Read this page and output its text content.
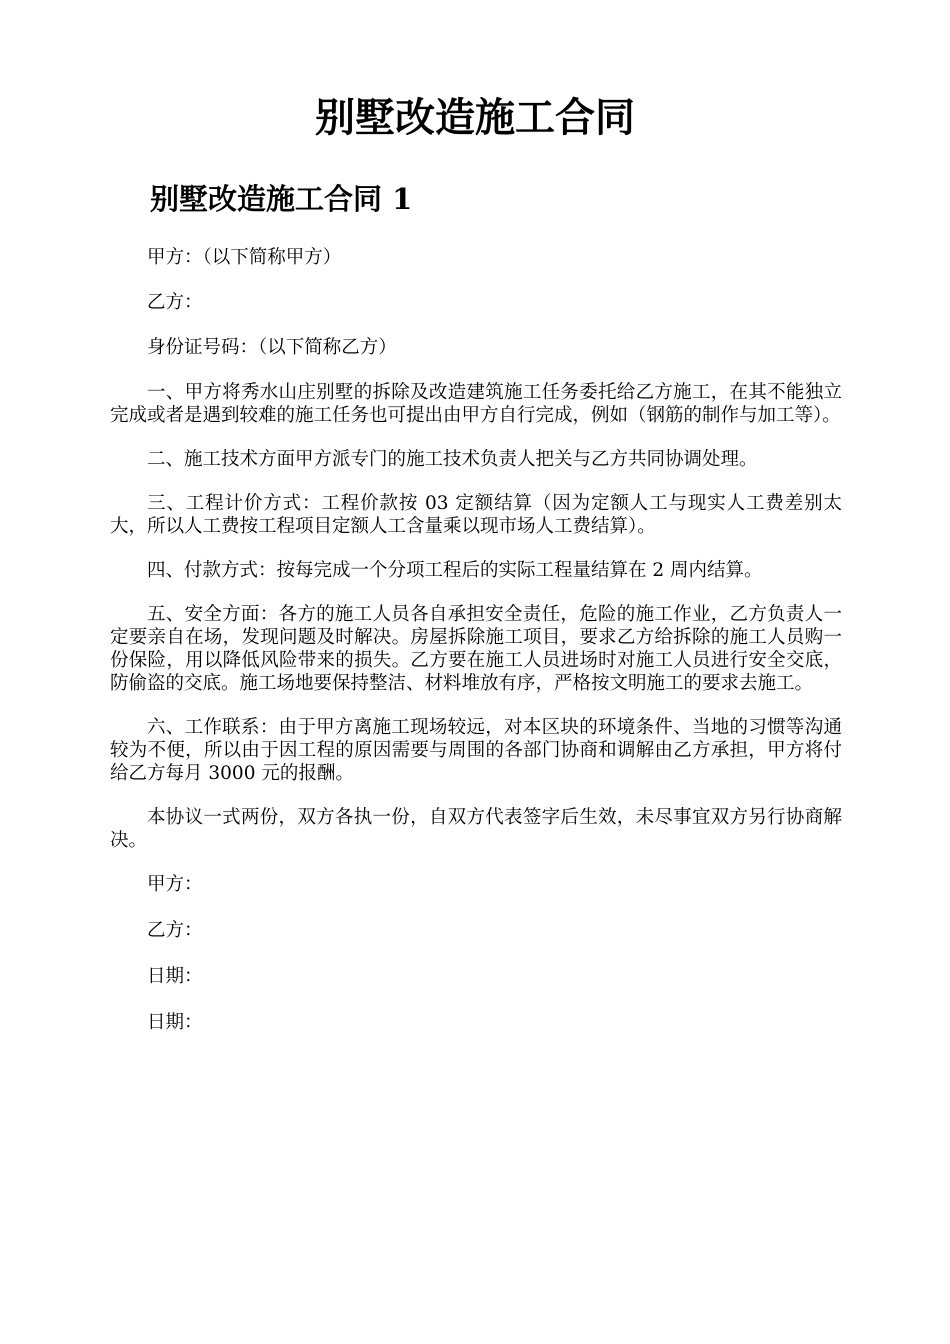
别墅改造施工合同
别墅改造施工合同 1

甲方：（以下简称甲方）

乙方：

身份证号码：（以下简称乙方）

一、甲方将秀水山庄别墅的拆除及改造建筑施工任务委托给乙方施工，在其不能独立完成或者是遇到较难的施工任务也可提出由甲方自行完成，例如（钢筋的制作与加工等）。

二、施工技术方面甲方派专门的施工技术负责人把关与乙方共同协调处理。

三、工程计价方式：工程价款按 03 定额结算（因为定额人工与现实人工费差别太大，所以人工费按工程项目定额人工含量乘以现市场人工费结算）。

四、付款方式：按每完成一个分项工程后的实际工程量结算在 2 周内结算。

五、安全方面：各方的施工人员各自承担安全责任，危险的施工作业，乙方负责人一定要亲自在场，发现问题及时解决。房屋拆除施工项目，要求乙方给拆除的施工人员购一份保险，用以降低风险带来的损失。乙方要在施工人员进场时对施工人员进行安全交底，防偷盗的交底。施工场地要保持整洁、材料堆放有序，严格按文明施工的要求去施工。

六、工作联系：由于甲方离施工现场较远，对本区块的环境条件、当地的习惯等沟通较为不便，所以由于因工程的原因需要与周围的各部门协商和调解由乙方承担，甲方将付给乙方每月 3000 元的报酬。

本协议一式两份，双方各执一份，自双方代表签字后生效，未尽事宜双方另行协商解决。

甲方：

乙方：

日期：

日期：
